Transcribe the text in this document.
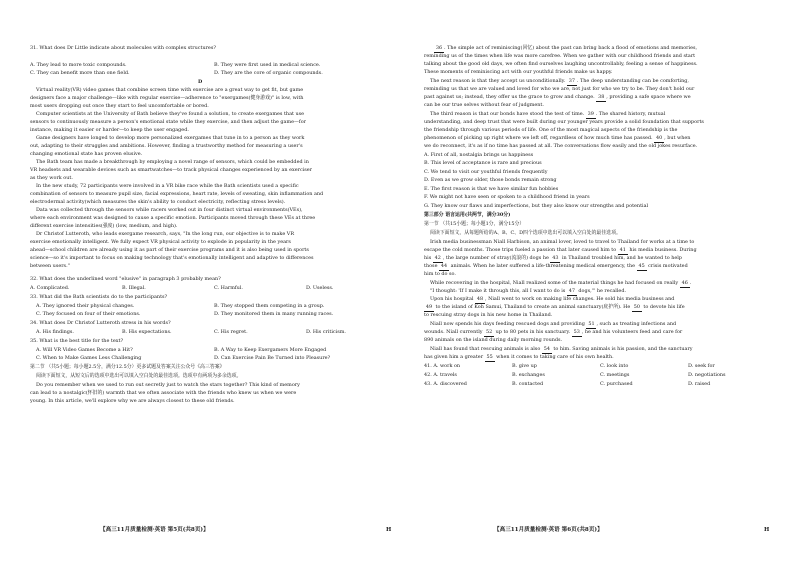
31. What does Dr Little indicate about molecules with complex structures?
A. They lead to more toxic compounds.	B. They were first used in medical science.
C. They can benefit more than one field.	D. They are the core of organic compounds.
D
Virtual reality(VR) video games that combine screen time with exercise are a great way to get fit, but game
designers face a major challenge—like with regular exercise—adherence to "exergames(健身游戏)" is low, with
most users dropping out once they start to feel uncomfortable or bored.
Computer scientists at the University of Bath believe they've found a solution, to create exergames that use
sensors to continuously measure a person's emotional state while they exercise, and then adjust the game—for
instance, making it easier or harder—to keep the user engaged.
Game designers have longed to develop more personalized exergames that tune in to a person as they work
out, adapting to their struggles and ambitions. However, finding a trustworthy method for measuring a user's
changing emotional state has proven elusive.
The Bath team has made a breakthrough by employing a novel range of sensors, which could be embedded in
VR headsets and wearable devices such as smartwatches—to track physical changes experienced by an exerciser
as they work out.
In the new study, 72 participants were involved in a VR bike race while the Bath scientists used a specific
combination of sensors to measure pupil size, facial expressions, heart rate, levels of sweating, skin inflammation and
electrodermal activity(which measures the skin's ability to conduct electricity, reflecting stress levels).
Data was collected through the sensors while racers worked out in four distinct virtual environments(VEs),
where each environment was designed to cause a specific emotion. Participants moved through these VEs at three
different exercise intensities(强度) (low, medium, and high).
Dr Christof Lutteroth, who leads exergame research, says, "In the long run, our objective is to make VR
exercise emotionally intelligent. We fully expect VR physical activity to explode in popularity in the years
ahead—school children are already using it as part of their exercise programs and it is also being used in sports
science—so it's important to focus on making technology that's emotionally intelligent and adaptive to differences
between users."
32. What does the underlined word "elusive" in paragraph 3 probably mean?
A. Complicated.	B. Illegal.	C. Harmful.	D. Useless.
33. What did the Bath scientists do to the participants?
A. They ignored their physical changes.	B. They stopped them competing in a group.
C. They focused on four of their emotions.	D. They monitored them in many running races.
34. What does Dr Christof Lutteroth stress in his words?
A. His findings.	B. His expectations.	C. His regret.	D. His criticism.
35. What is the best title for the text?
A. Will VR Video Games Become a Hit?	B. A Way to Keep Exergamers More Engaged
C. When to Make Games Less Challenging	D. Can Exercise Pain Be Turned into Pleasure?
第二节 （共5小题；每小题2.5分，满分12.5分）更多试题及答案关注公众号《高三答案》
阅读下面短文，从短文后的选项中选出可以填入空白处的最佳选项。选项中有两项为多余选项。
Do you remember when we used to run out secretly just to watch the stars together? This kind of memory
can lead to a nostalgic(怀旧的) warmth that we often associate with the friends who knew us when we were
young. In this article, we'll explore why we are always closest to these old friends.
【高三11月质量检测·英语 第5页(共8页)】	H
36 . The simple act of reminiscing(回忆) about the past can bring back a flood of emotions and memories,
reminding us of the times when life was more carefree. When we gather with our childhood friends and start
talking about the good old days, we often find ourselves laughing uncontrollably, feeling a sense of happiness.
These moments of reminiscing act with our youthful friends make us happy.
The next reason is that they accept us unconditionally. 37 . The deep understanding can be comforting,
reminding us that we are valued and loved for who we are, not just for who we try to be. They don't hold our
past against us; instead, they offer us the grace to grow and change. 38 , providing a safe space where we
can be our true selves without fear of judgment.
The third reason is that our bonds have stood the test of time. 39 . The shared history, mutual
understanding, and deep trust that were built during our younger years provide a solid foundation that supports
the friendship through various periods of life. One of the most magical aspects of the friendship is the
phenomenon of picking up right where we left off, regardless of how much time has passed. 40 , but when
we do reconnect, it's as if no time has passed at all. The conversations flow easily and the old jokes resurface.
A. First of all, nostalgia brings us happiness
B. This level of acceptance is rare and precious
C. We tend to visit our youthful friends frequently
D. Even as we grow older, those bonds remain strong
E. The first reason is that we have similar fun hobbies
F. We might not have seen or spoken to a childhood friend in years
G. They know our flaws and imperfections, but they also know our strengths and potential
第三部分 语言运用(共两节，满分30分)
第一节 （共15小题；每小题1分，满分15分）
阅读下面短文，从每题所给的A、B、C、D四个选项中选出可以填入空白处的最佳选项。
Irish media businessman Niall Harbison, an animal lover, loved to travel to Thailand for works at a time to
escape the cold months. Those trips fueled a passion that later caused him to 41 his media business. During
his 42 , the large number of stray(流浪的) dogs he 43 in Thailand troubled him, and he wanted to help
those 44 animals. When he later suffered a life-threatening medical emergency, the 45 crisis motivated
him to do so.
While recovering in the hospital, Niall realized some of the material things he had focused on really 46 .
"I thought: 'If I make it through this, all I want to do is 47 dogs,'" he recalled.
Upon his hospital 48 , Niall went to work on making life changes. He sold his media business and
49 to the island of Koh Samui, Thailand to create an animal sanctuary(庇护所). He 50 to devote his life
to rescuing stray dogs in his new home in Thailand.
Niall now spends his days feeding rescued dogs and providing 51 , such as treating infections and
wounds. Niall currently 52 up to 80 pets in his sanctuary. 53 , he and his volunteers feed and care for
890 animals on the island during daily morning rounds.
Niall has found that rescuing animals is also 54 to him. Saving animals is his passion, and the sanctuary
has given him a greater 55 when it comes to taking care of his own health.
41. A. work on	B. give up	C. look into	D. seek for
42. A. travels	B. exchanges	C. meetings	D. negotiations
43. A. discovered	B. contacted	C. purchased	D. raised
【高三11月质量检测·英语 第6页(共8页)】	H
